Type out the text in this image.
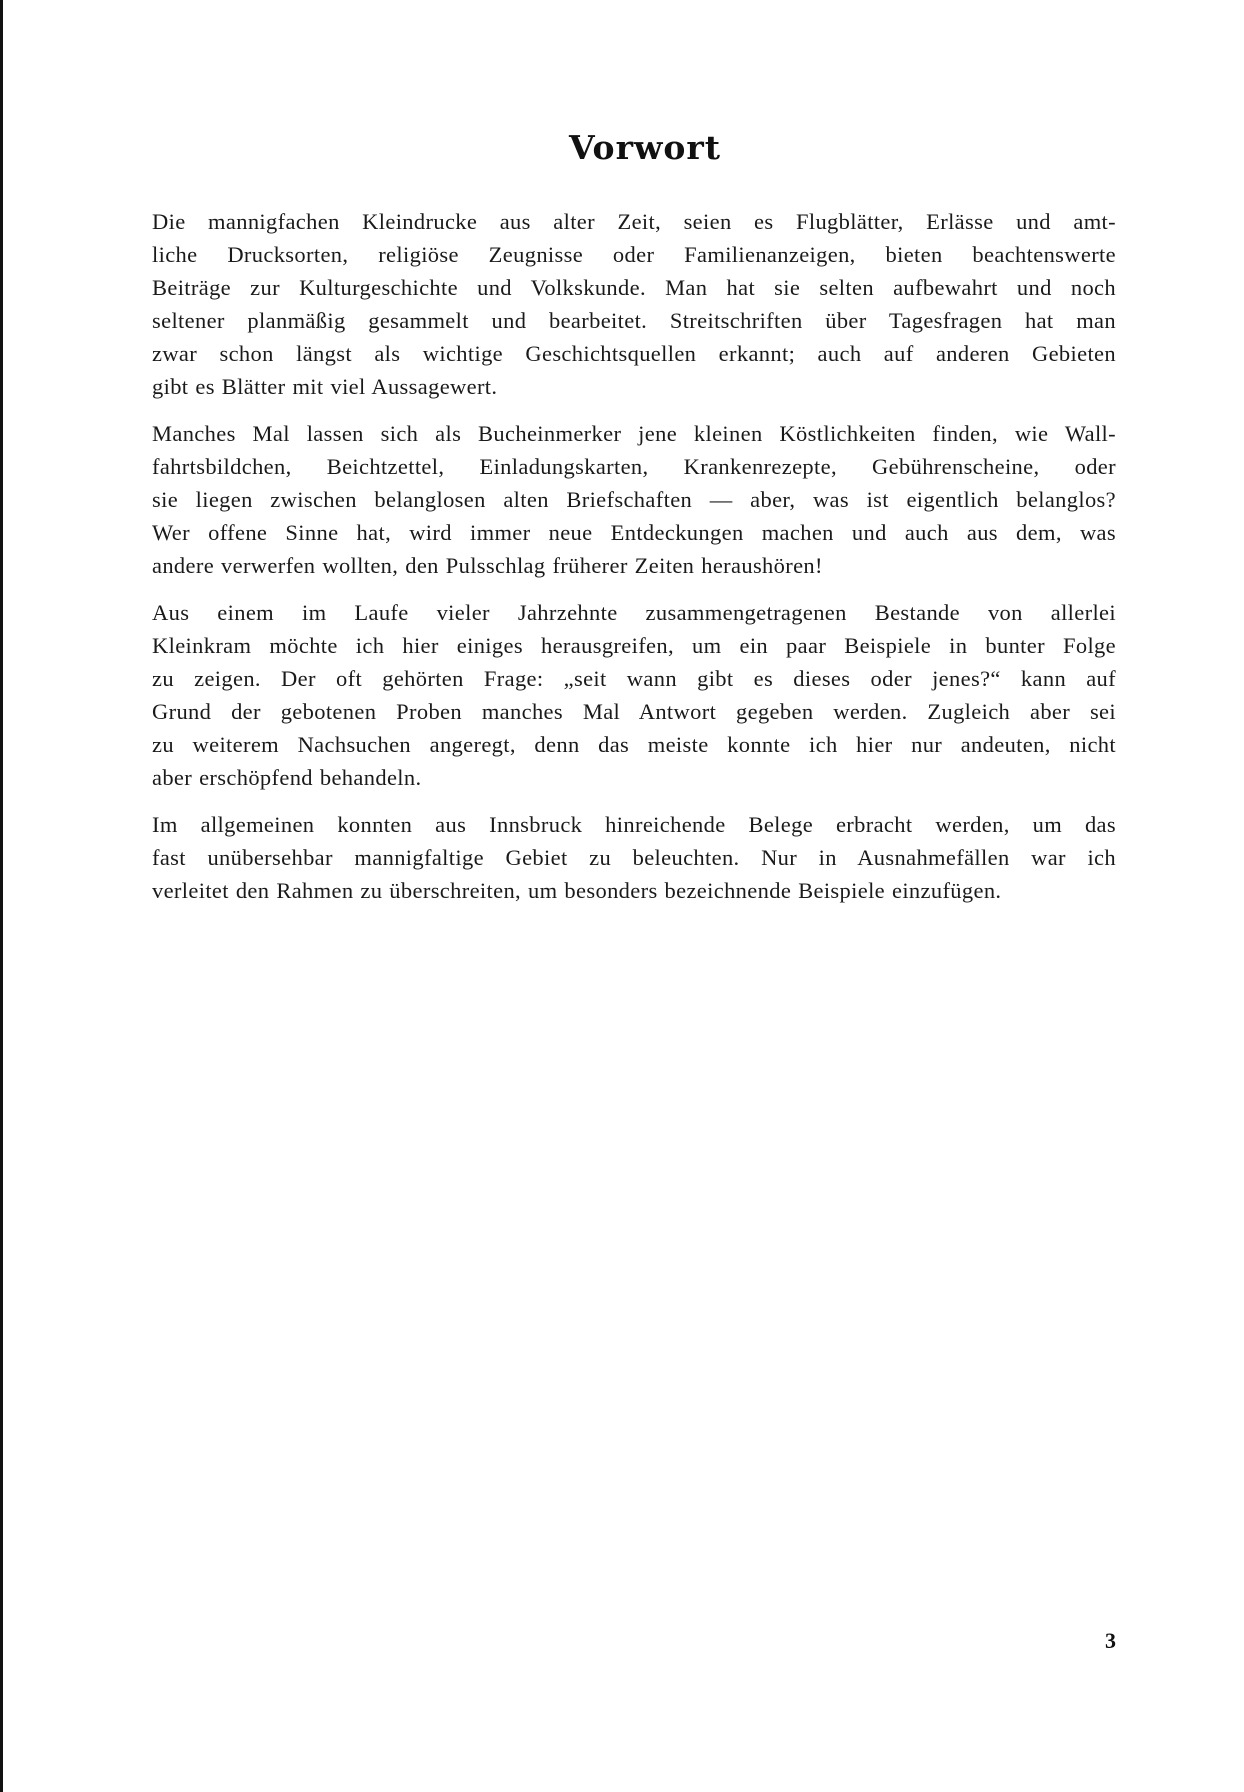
Vorwort

Die mannigfachen Kleindrucke aus alter Zeit, seien es Flugblätter, Erlässe und amt-
liche Drucksorten, religiöse Zeugnisse oder Familienanzeigen, bieten beachtenswerte
Beiträge zur Kulturgeschichte und Volkskunde. Man hat sie selten aufbewahrt und noch
seltener planmäßig gesammelt und bearbeitet. Streitschriften über Tagesfragen hat man
zwar schon längst als wichtige Geschichtsquellen erkannt; auch auf anderen Gebieten
gibt es Blätter mit viel Aussagewert.

Manches Mal lassen sich als Bucheinmerker jene kleinen Köstlichkeiten finden, wie Wall-
fahrtsbildchen, Beichtzettel, Einladungskarten, Krankenrezepte, Gebührenscheine, oder
sie liegen zwischen belanglosen alten Briefschaften — aber, was ist eigentlich belanglos?
Wer offene Sinne hat, wird immer neue Entdeckungen machen und auch aus dem, was
andere verwerfen wollten, den Pulsschlag früherer Zeiten heraushören!

Aus einem im Laufe vieler Jahrzehnte zusammengetragenen Bestande von allerlei
Kleinkram möchte ich hier einiges herausgreifen, um ein paar Beispiele in bunter Folge
zu zeigen. Der oft gehörten Frage: „seit wann gibt es dieses oder jenes?“ kann auf
Grund der gebotenen Proben manches Mal Antwort gegeben werden. Zugleich aber sei
zu weiterem Nachsuchen angeregt, denn das meiste konnte ich hier nur andeuten, nicht
aber erschöpfend behandeln.

Im allgemeinen konnten aus Innsbruck hinreichende Belege erbracht werden, um das
fast unübersehbar mannigfaltige Gebiet zu beleuchten. Nur in Ausnahmefällen war ich
verleitet den Rahmen zu überschreiten, um besonders bezeichnende Beispiele einzufügen.

3
